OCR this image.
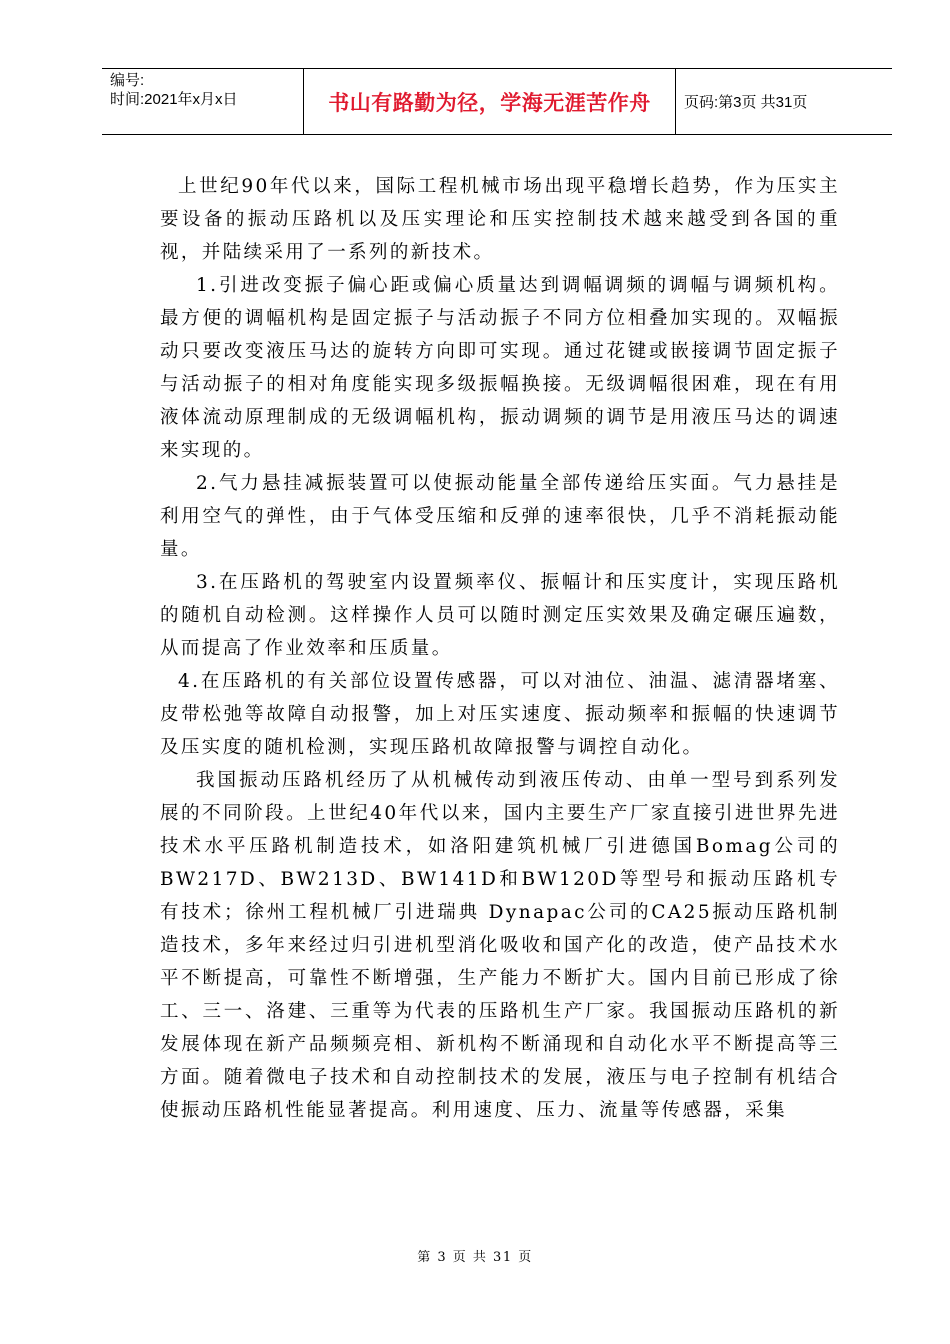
编号:
时间:2021年x月x日	书山有路勤为径，学海无涯苦作舟 页码:第3页 共31页

上世纪90年代以来，国际工程机械市场出现平稳增长趋势，作为压实主要设备的振动压路机以及压实理论和压实控制技术越来越受到各国的重视，并陆续采用了一系列的新技术。

1.引进改变振子偏心距或偏心质量达到调幅调频的调幅与调频机构。最方便的调幅机构是固定振子与活动振子不同方位相叠加实现的。双幅振动只要改变液压马达的旋转方向即可实现。通过花键或嵌接调节固定振子与活动振子的相对角度能实现多级振幅换接。无级调幅很困难，现在有用液体流动原理制成的无级调幅机构，振动调频的调节是用液压马达的调速来实现的。

2.气力悬挂减振装置可以使振动能量全部传递给压实面。气力悬挂是利用空气的弹性，由于气体受压缩和反弹的速率很快，几乎不消耗振动能量。

3.在压路机的驾驶室内设置频率仪、振幅计和压实度计，实现压路机的随机自动检测。这样操作人员可以随时测定压实效果及确定碾压遍数，从而提高了作业效率和压质量。

4.在压路机的有关部位设置传感器，可以对油位、油温、滤清器堵塞、皮带松弛等故障自动报警，加上对压实速度、振动频率和振幅的快速调节及压实度的随机检测，实现压路机故障报警与调控自动化。

我国振动压路机经历了从机械传动到液压传动、由单一型号到系列发展的不同阶段。上世纪40年代以来，国内主要生产厂家直接引进世界先进技术水平压路机制造技术，如洛阳建筑机械厂引进德国Bomag公司的BW217D、BW213D、BW141D和BW120D等型号和振动压路机专有技术；徐州工程机械厂引进瑞典 Dynapac公司的CA25振动压路机制造技术，多年来经过归引进机型消化吸收和国产化的改造，使产品技术水平不断提高，可靠性不断增强，生产能力不断扩大。国内目前已形成了徐工、三一、洛建、三重等为代表的压路机生产厂家。我国振动压路机的新发展体现在新产品频频亮相、新机构不断涌现和自动化水平不断提高等三方面。随着微电子技术和自动控制技术的发展，液压与电子控制有机结合使振动压路机性能显著提高。利用速度、压力、流量等传感器，采集

第 3 页 共 31 页
